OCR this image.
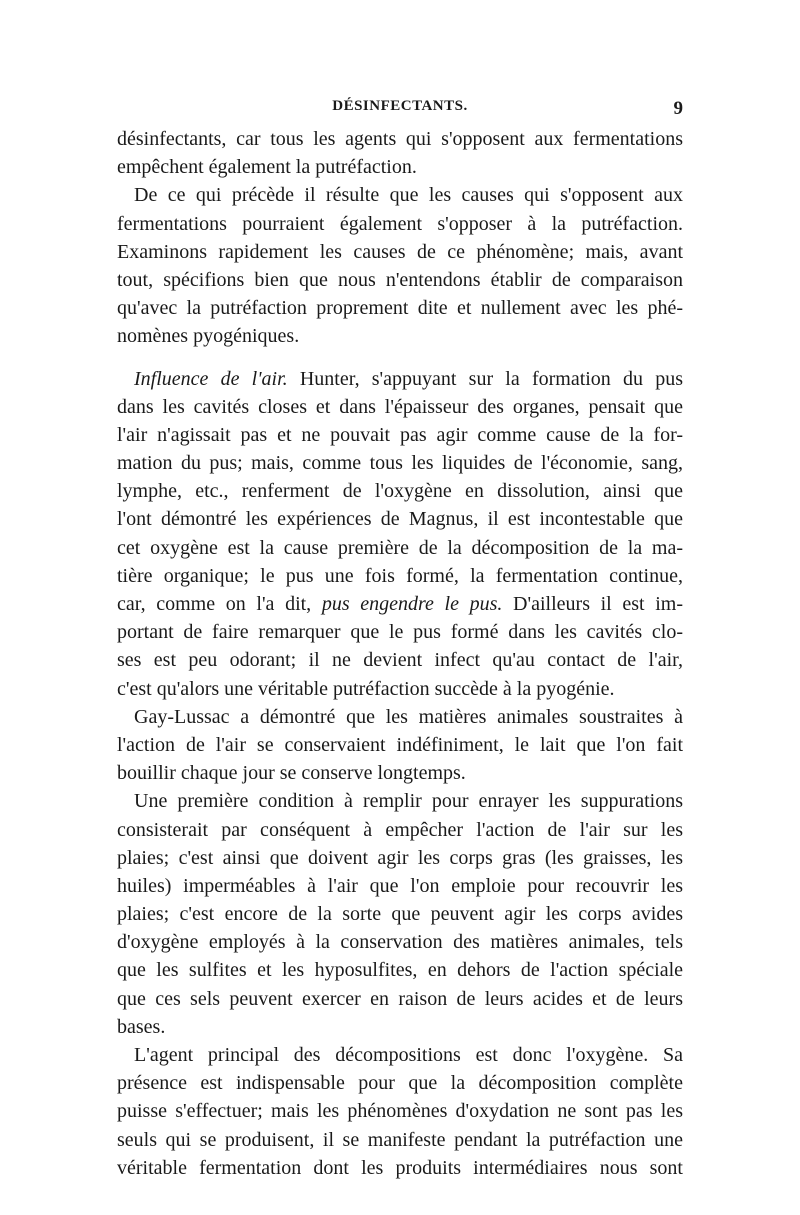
DÉSINFECTANTS.	9
désinfectants, car tous les agents qui s'opposent aux fermentations
empêchent également la putréfaction.
De ce qui précède il résulte que les causes qui s'opposent aux
fermentations pourraient également s'opposer à la putréfaction.
Examinons rapidement les causes de ce phénomène; mais, avant
tout, spécifions bien que nous n'entendons établir de comparaison
qu'avec la putréfaction proprement dite et nullement avec les phé-
nomènes pyogéniques.
Influence de l'air. Hunter, s'appuyant sur la formation du pus
dans les cavités closes et dans l'épaisseur des organes, pensait que
l'air n'agissait pas et ne pouvait pas agir comme cause de la for-
mation du pus; mais, comme tous les liquides de l'économie, sang,
lymphe, etc., renferment de l'oxygène en dissolution, ainsi que
l'ont démontré les expériences de Magnus, il est incontestable que
cet oxygène est la cause première de la décomposition de la ma-
tière organique; le pus une fois formé, la fermentation continue,
car, comme on l'a dit, pus engendre le pus. D'ailleurs il est im-
portant de faire remarquer que le pus formé dans les cavités clo-
ses est peu odorant; il ne devient infect qu'au contact de l'air,
c'est qu'alors une véritable putréfaction succède à la pyogénie.
Gay-Lussac a démontré que les matières animales soustraites à
l'action de l'air se conservaient indéfiniment, le lait que l'on fait
bouillir chaque jour se conserve longtemps.
Une première condition à remplir pour enrayer les suppurations
consisterait par conséquent à empêcher l'action de l'air sur les
plaies; c'est ainsi que doivent agir les corps gras (les graisses, les
huiles) imperméables à l'air que l'on emploie pour recouvrir les
plaies; c'est encore de la sorte que peuvent agir les corps avides
d'oxygène employés à la conservation des matières animales, tels
que les sulfites et les hyposulfites, en dehors de l'action spéciale
que ces sels peuvent exercer en raison de leurs acides et de leurs
bases.
L'agent principal des décompositions est donc l'oxygène. Sa
présence est indispensable pour que la décomposition complète
puisse s'effectuer; mais les phénomènes d'oxydation ne sont pas les
seuls qui se produisent, il se manifeste pendant la putréfaction une
véritable fermentation dont les produits intermédiaires nous sont
